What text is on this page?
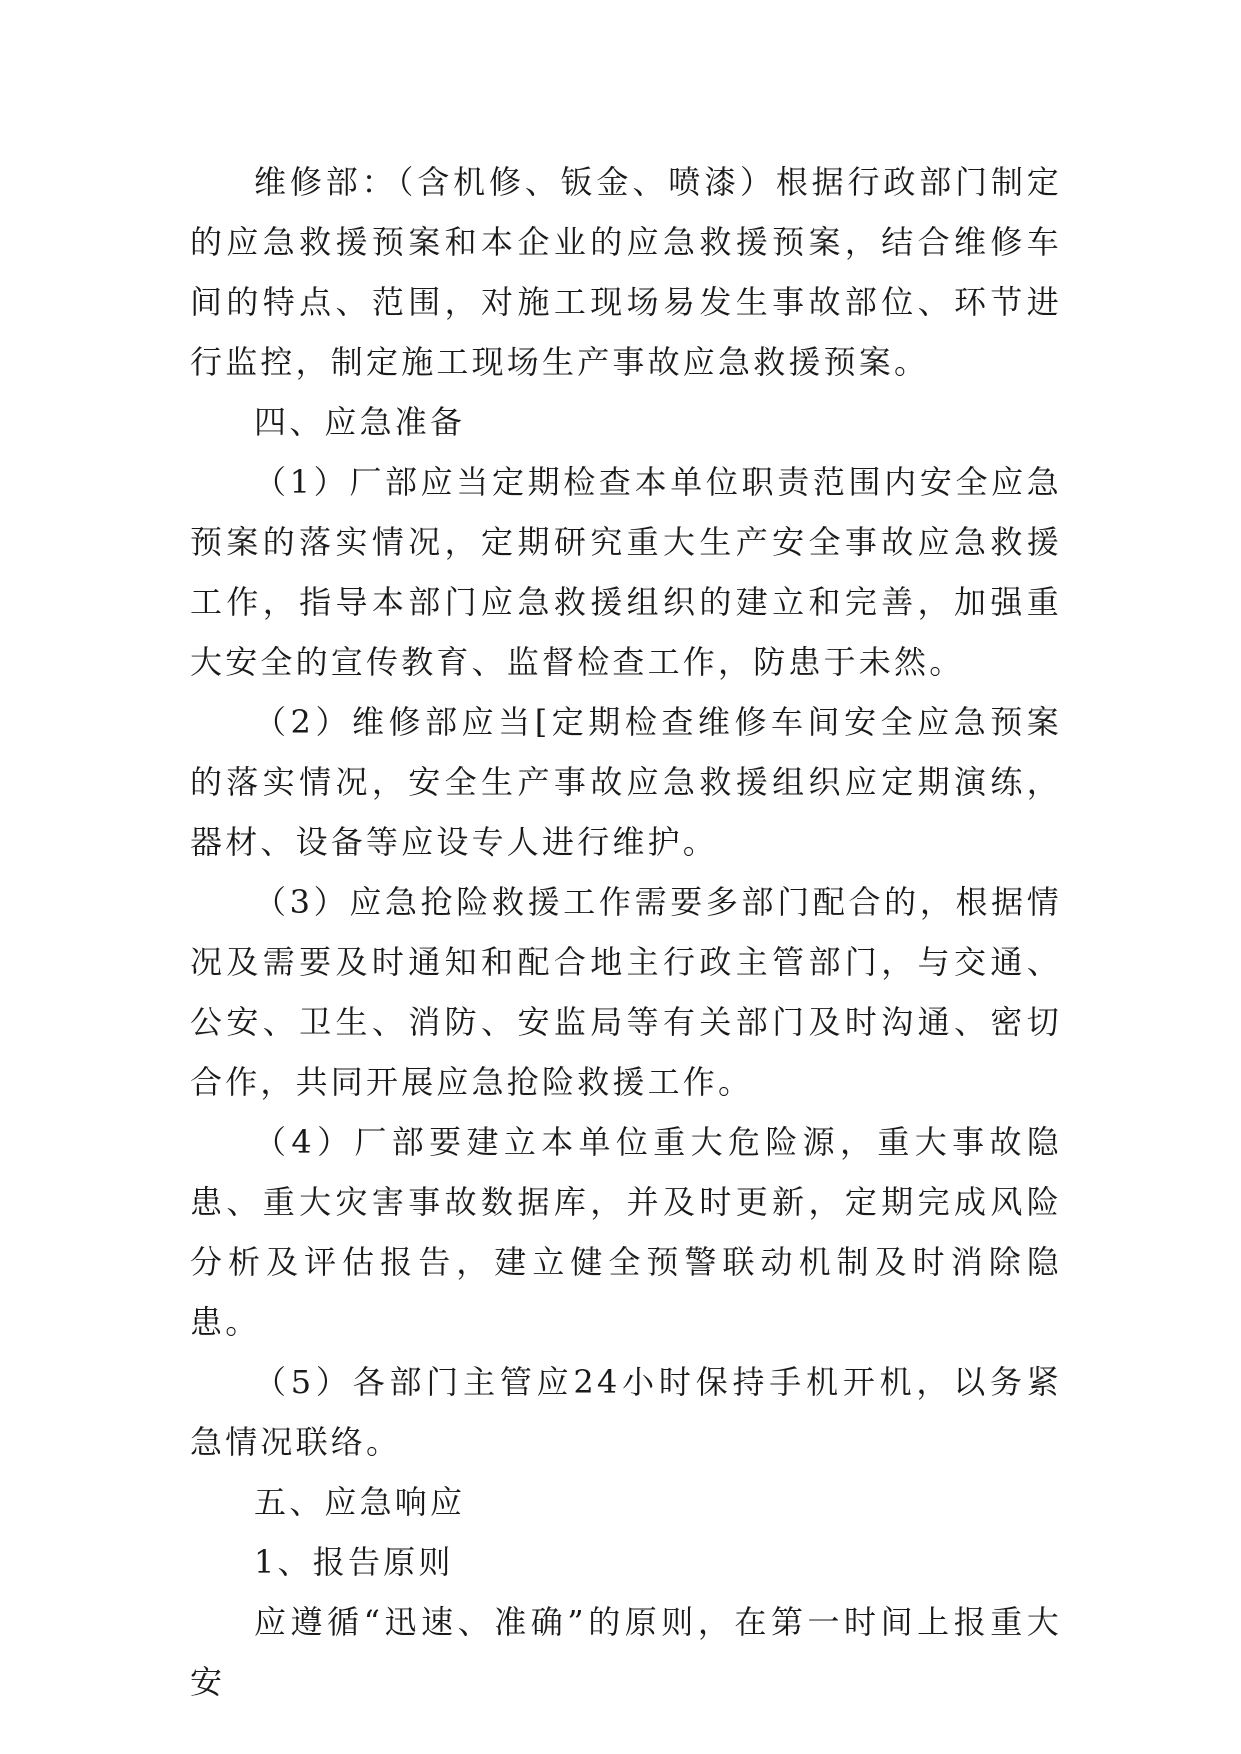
维修部：（含机修、钣金、喷漆）根据行政部门制定的应急救援预案和本企业的应急救援预案，结合维修车间的特点、范围，对施工现场易发生事故部位、环节进行监控，制定施工现场生产事故应急救援预案。

四、应急准备

（1）厂部应当定期检查本单位职责范围内安全应急预案的落实情况，定期研究重大生产安全事故应急救援工作，指导本部门应急救援组织的建立和完善，加强重大安全的宣传教育、监督检查工作，防患于未然。

（2）维修部应当[定期检查维修车间安全应急预案的落实情况，安全生产事故应急救援组织应定期演练，器材、设备等应设专人进行维护。

（3）应急抢险救援工作需要多部门配合的，根据情况及需要及时通知和配合地主行政主管部门，与交通、公安、卫生、消防、安监局等有关部门及时沟通、密切合作，共同开展应急抢险救援工作。

（4）厂部要建立本单位重大危险源，重大事故隐患、重大灾害事故数据库，并及时更新，定期完成风险分析及评估报告，建立健全预警联动机制及时消除隐患。

（5）各部门主管应24小时保持手机开机，以务紧急情况联络。

五、应急响应

1、报告原则

应遵循“迅速、准确”的原则，在第一时间上报重大安
